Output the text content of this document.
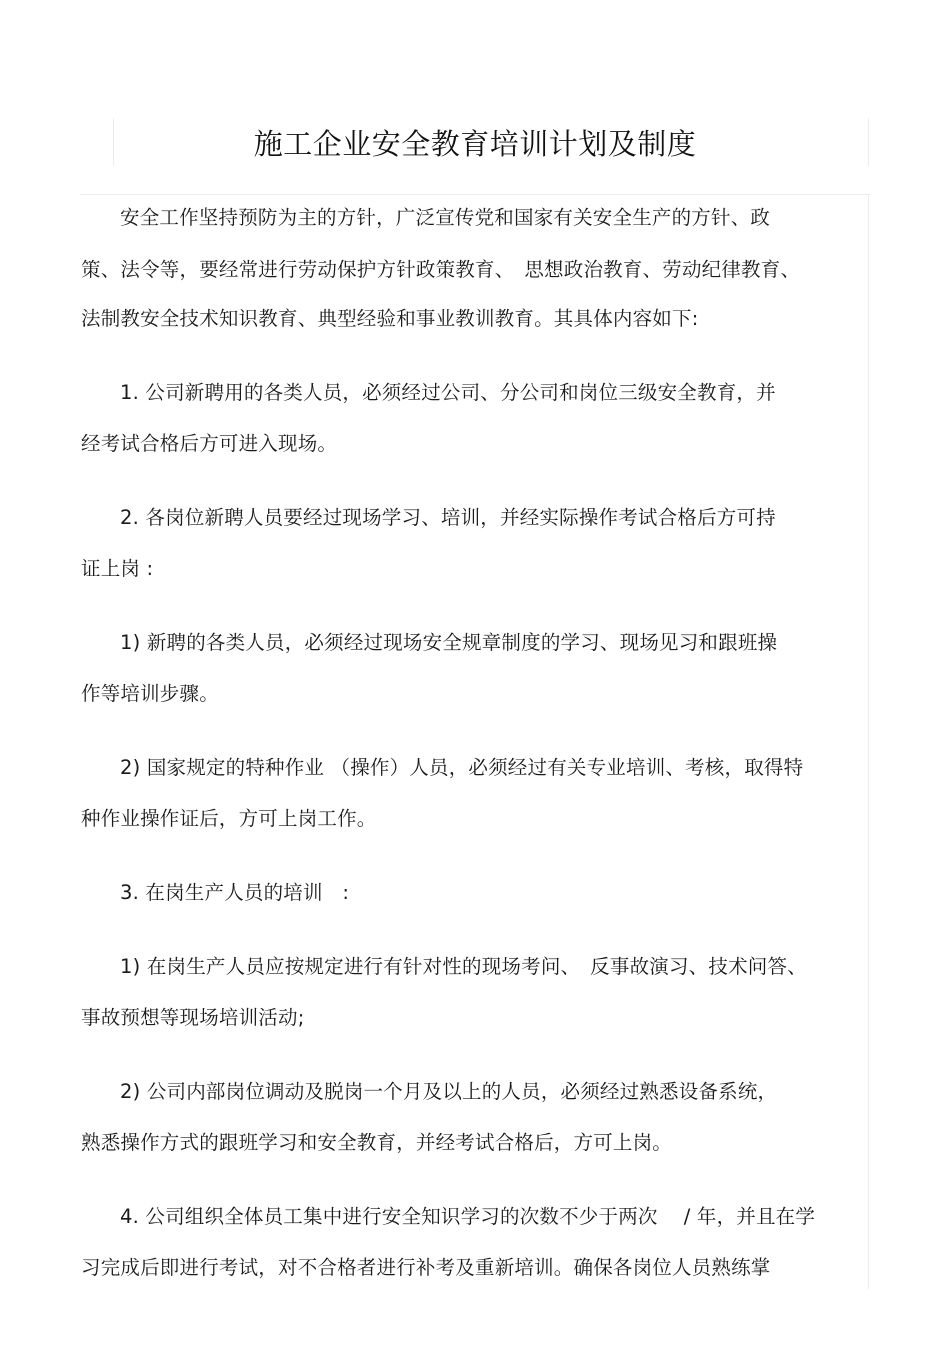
施工企业安全教育培训计划及制度
安全工作坚持预防为主的方针，广泛宣传党和国家有关安全生产的方针、政
策、法令等，要经常进行劳动保护方针政策教育、　思想政治教育、劳动纪律教育、
法制教安全技术知识教育、典型经验和事业教训教育。其具体内容如下:
1. 公司新聘用的各类人员，必须经过公司、分公司和岗位三级安全教育，并
经考试合格后方可进入现场。
2. 各岗位新聘人员要经过现场学习、培训，并经实际操作考试合格后方可持
证上岗 :
1) 新聘的各类人员，必须经过现场安全规章制度的学习、现场见习和跟班操
作等培训步骤。
2) 国家规定的特种作业 （操作）人员，必须经过有关专业培训、考核，取得特
种作业操作证后，方可上岗工作。
3. 在岗生产人员的培训　:
1) 在岗生产人员应按规定进行有针对性的现场考问、　反事故演习、技术问答、
事故预想等现场培训活动;
2) 公司内部岗位调动及脱岗一个月及以上的人员，必须经过熟悉设备系统，
熟悉操作方式的跟班学习和安全教育，并经考试合格后，方可上岗。
4. 公司组织全体员工集中进行安全知识学习的次数不少于两次　 / 年，并且在学
习完成后即进行考试，对不合格者进行补考及重新培训。确保各岗位人员熟练掌
